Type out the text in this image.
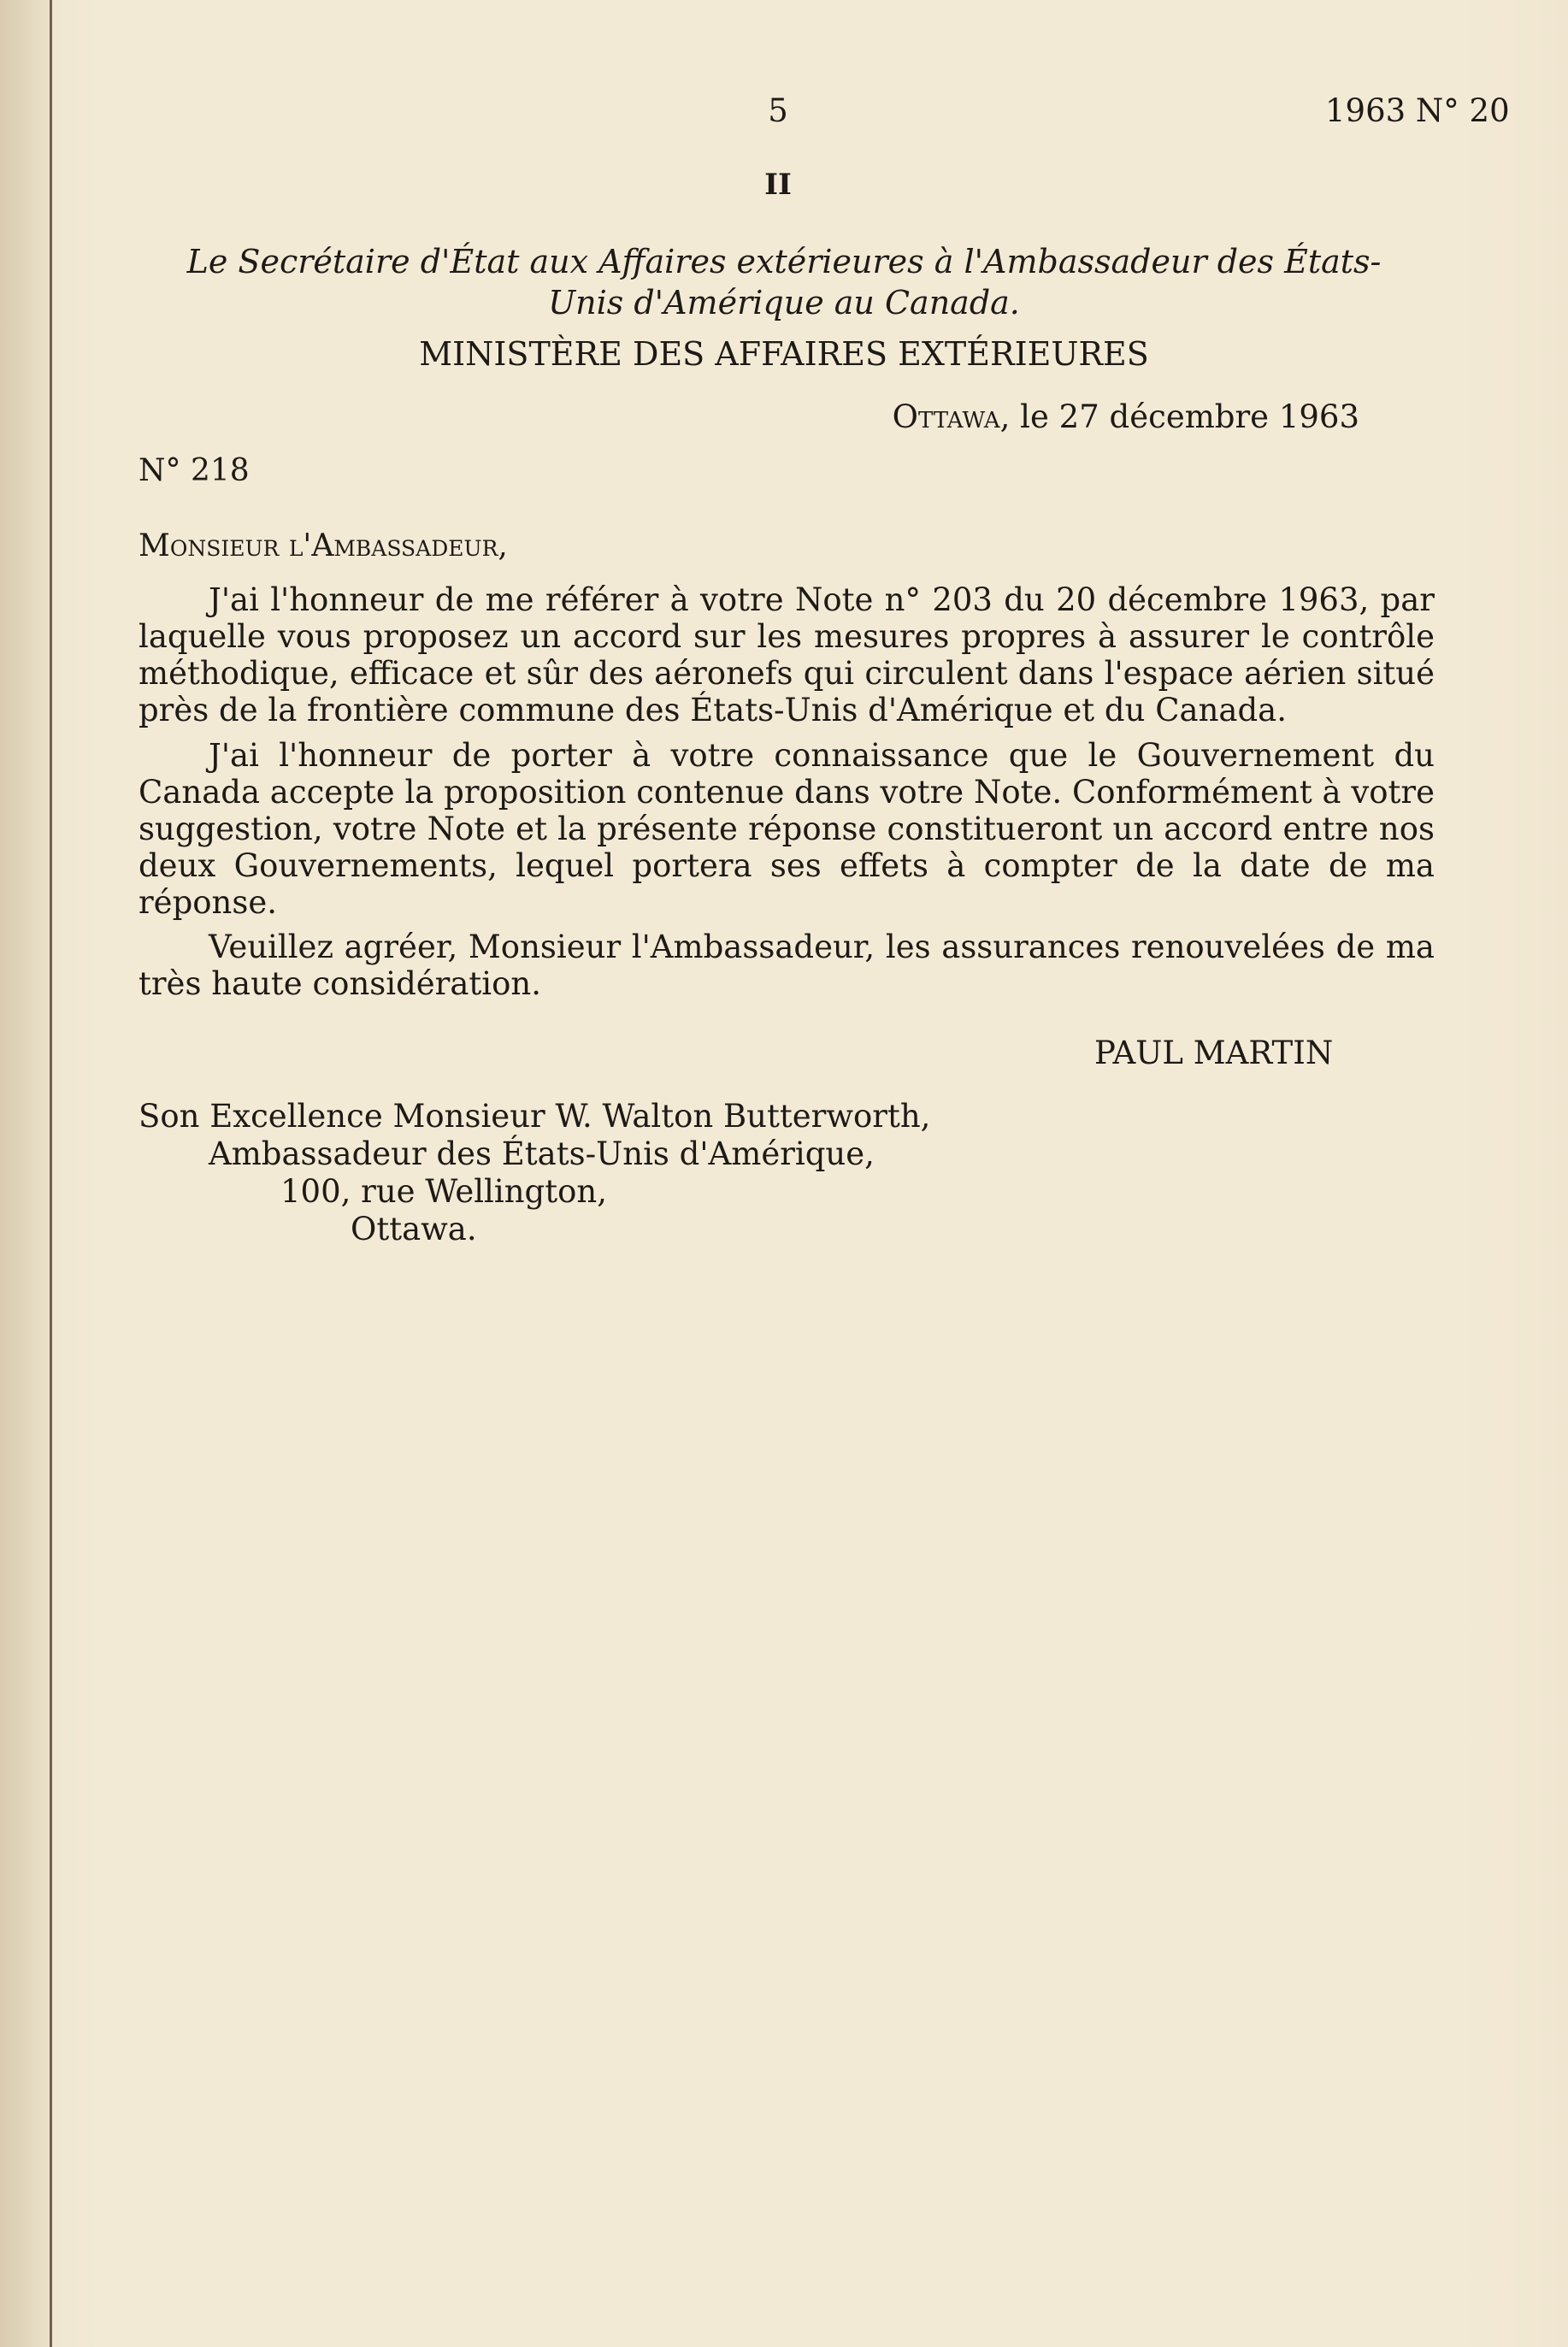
5	1963 N° 20
II
Le Secrétaire d'État aux Affaires extérieures à l'Ambassadeur des États-Unis d'Amérique au Canada.
MINISTÈRE DES AFFAIRES EXTÉRIEURES
Ottawa, le 27 décembre 1963
N° 218
Monsieur l'Ambassadeur,
J'ai l'honneur de me référer à votre Note n° 203 du 20 décembre 1963, par laquelle vous proposez un accord sur les mesures propres à assurer le contrôle méthodique, efficace et sûr des aéronefs qui circulent dans l'espace aérien situé près de la frontière commune des États-Unis d'Amérique et du Canada.
J'ai l'honneur de porter à votre connaissance que le Gouvernement du Canada accepte la proposition contenue dans votre Note. Conformément à votre suggestion, votre Note et la présente réponse constitueront un accord entre nos deux Gouvernements, lequel portera ses effets à compter de la date de ma réponse.
Veuillez agréer, Monsieur l'Ambassadeur, les assurances renouvelées de ma très haute considération.
PAUL MARTIN
Son Excellence Monsieur W. Walton Butterworth,
Ambassadeur des États-Unis d'Amérique,
100, rue Wellington,
Ottawa.
